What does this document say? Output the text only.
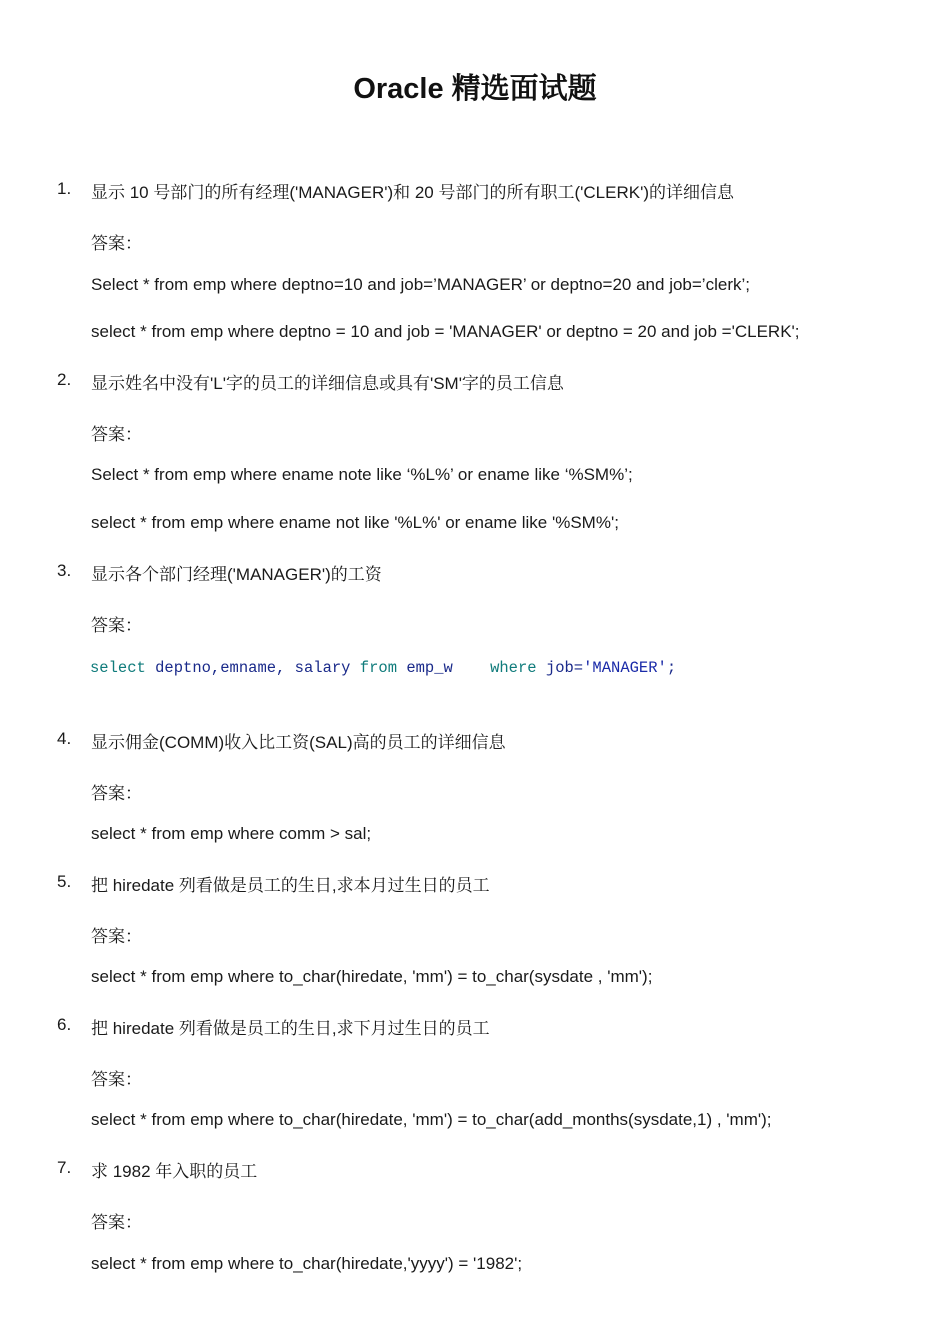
Oracle 精选面试题
1. 显示 10 号部门的所有经理('MANAGER')和 20 号部门的所有职工('CLERK')的详细信息
答案：
Select * from emp where deptno=10 and job=’MANAGER’ or deptno=20 and job=’clerk’;
select * from emp where deptno = 10 and job = 'MANAGER' or deptno = 20 and job ='CLERK';
2. 显示姓名中没有'L'字的员工的详细信息或具有'SM'字的员工信息
答案：
Select * from emp where ename note like ‘%L%’ or ename like ‘%SM%’;
select * from emp where ename not like '%L%' or ename like '%SM%';
3. 显示各个部门经理('MANAGER')的工资
答案：
select deptno,emname, salary from emp_w where job='MANAGER';
4. 显示佣金(COMM)收入比工资(SAL)高的员工的详细信息
答案：
select * from emp where comm > sal;
5. 把 hiredate 列看做是员工的生日,求本月过生日的员工
答案：
select * from emp where to_char(hiredate, 'mm') = to_char(sysdate , 'mm');
6. 把 hiredate 列看做是员工的生日,求下月过生日的员工
答案：
select * from emp where to_char(hiredate, 'mm') = to_char(add_months(sysdate,1) , 'mm');
7. 求 1982 年入职的员工
答案：
select * from emp where to_char(hiredate,'yyyy') = '1982';
